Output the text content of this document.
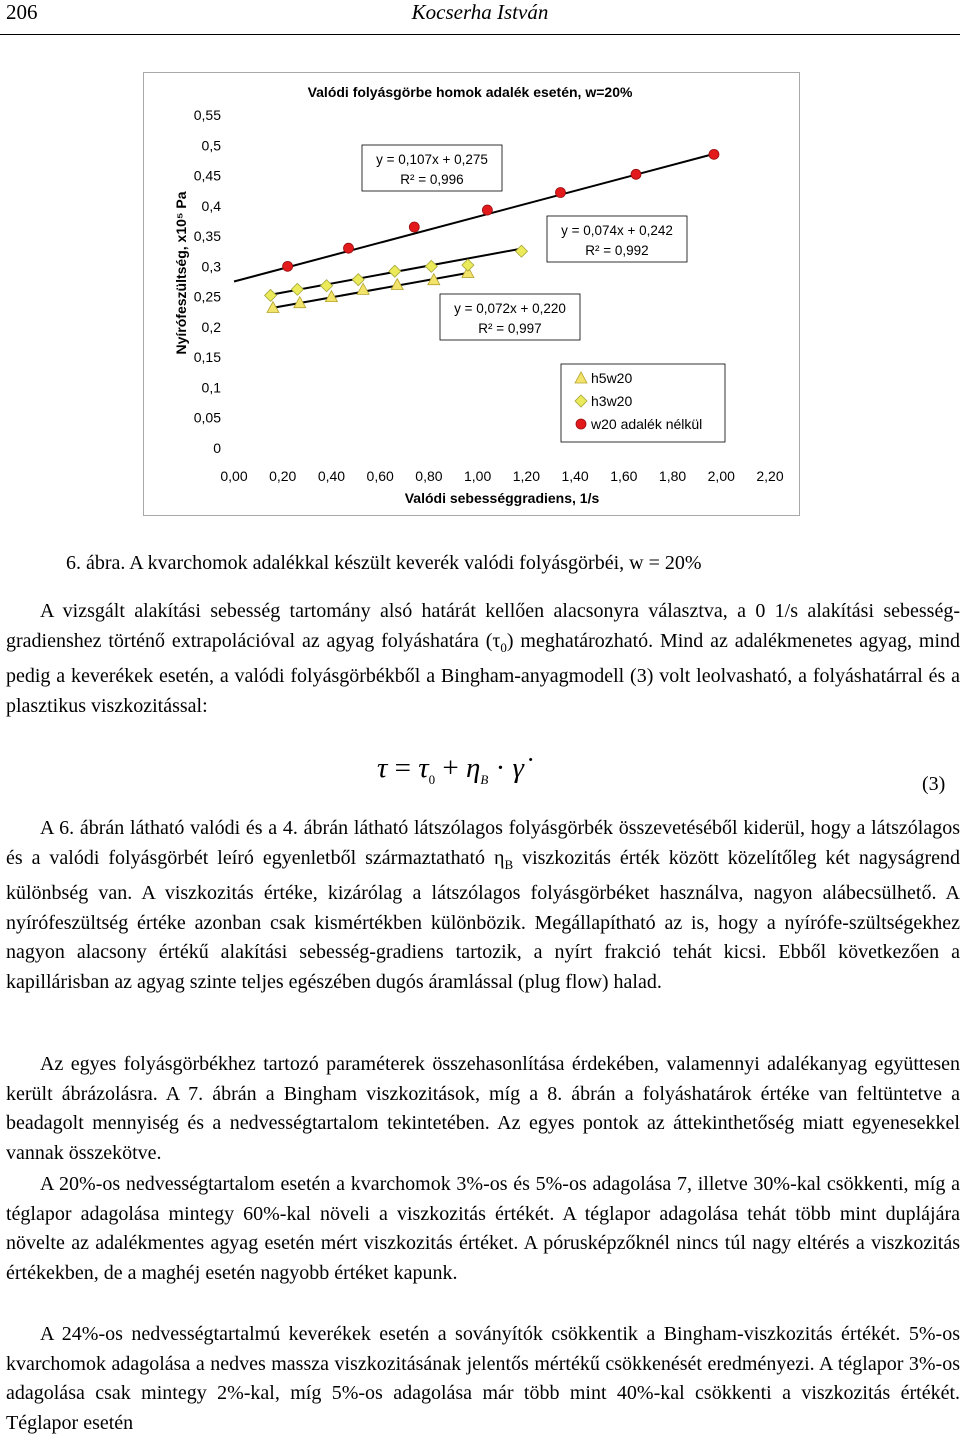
206	Kocserha István
Valódi folyásgörbe homok adalék esetén, w=20%
0
0,05
0,1
0,15
0,2
0,25
0,3
0,35
0,4
0,45
0,5
0,55
0,00 0,20 0,40 0,60 0,80 1,00 1,20 1,40 1,60 1,80 2,00 2,20
Valódi sebességgradiens, 1/s
Nyírófeszültség, x10⁵ Pa
y = 0,107x + 0,275
R² = 0,996
y = 0,074x + 0,242
R² = 0,992
y = 0,072x + 0,220
R² = 0,997
h5w20
h3w20
w20 adalék nélkül
6. ábra. A kvarchomok adalékkal készült keverék valódi folyásgörbéi, w = 20%

A vizsgált alakítási sebesség tartomány alsó határát kellően alacsonyra választva, a 0 1/s alakítási sebesség-gradienshez történő extrapolációval az agyag folyáshatára $(\tau_0)$ meghatározható. Mind az adalékmenetes agyag, mind pedig a keverékek esetén, a valódi folyásgörbékből a Bingham-anyagmodell (3) volt leolvasható, a folyáshatárral és a plasztikus viszkozitással:

$\tau = \tau_0 + \eta_B$ · γ̇	(3)

A 6. ábrán látható valódi és a 4. ábrán látható látszólagos folyásgörbék összevetéséből kiderül, hogy a látszólagos és a valódi folyásgörbét leíró egyenletből származtatható $\eta_B$ viszkozitás érték között közelítőleg két nagyságrend különbség van. A viszkozitás értéke, kizárólag a látszólagos folyásgörbéket használva, nagyon alábecsülhető. A nyírófeszültség értéke azonban csak kismértékben különbözik. Megállapítható az is, hogy a nyírófe-szültségekhez nagyon alacsony értékű alakítási sebesség-gradiens tartozik, a nyírt frakció tehát kicsi. Ebből következően a kapillárisban az agyag szinte teljes egészében dugós áramlással (plug flow) halad.

Az egyes folyásgörbékhez tartozó paraméterek összehasonlítása érdekében, valamennyi adalékanyag együttesen került ábrázolásra. A 7. ábrán a Bingham viszkozitások, míg a 8. ábrán a folyáshatárok értéke van feltüntetve a beadagolt mennyiség és a nedvességtartalom tekintetében. Az egyes pontok az áttekinthetőség miatt egyenesekkel vannak összekötve.

A 20%-os nedvességtartalom esetén a kvarchomok 3%-os és 5%-os adagolása 7, illetve 30%-kal csökkenti, míg a téglapor adagolása mintegy 60%-kal növeli a viszkozitás értékét. A téglapor adagolása tehát több mint duplájára növelte az adalékmentes agyag esetén mért viszkozitás értéket. A pórusképzőknél nincs túl nagy eltérés a viszkozitás értékekben, de a maghéj esetén nagyobb értéket kapunk.

A 24%-os nedvességtartalmú keverékek esetén a soványítók csökkentik a Bingham-viszkozitás értékét. 5%-os kvarchomok adagolása a nedves massza viszkozitásának jelentős mértékű csökkenését eredményezi. A téglapor 3%-os adagolása csak mintegy 2%-kal, míg 5%-os adagolása már több mint 40%-kal csökkenti a viszkozitás értékét. Téglapor esetén
